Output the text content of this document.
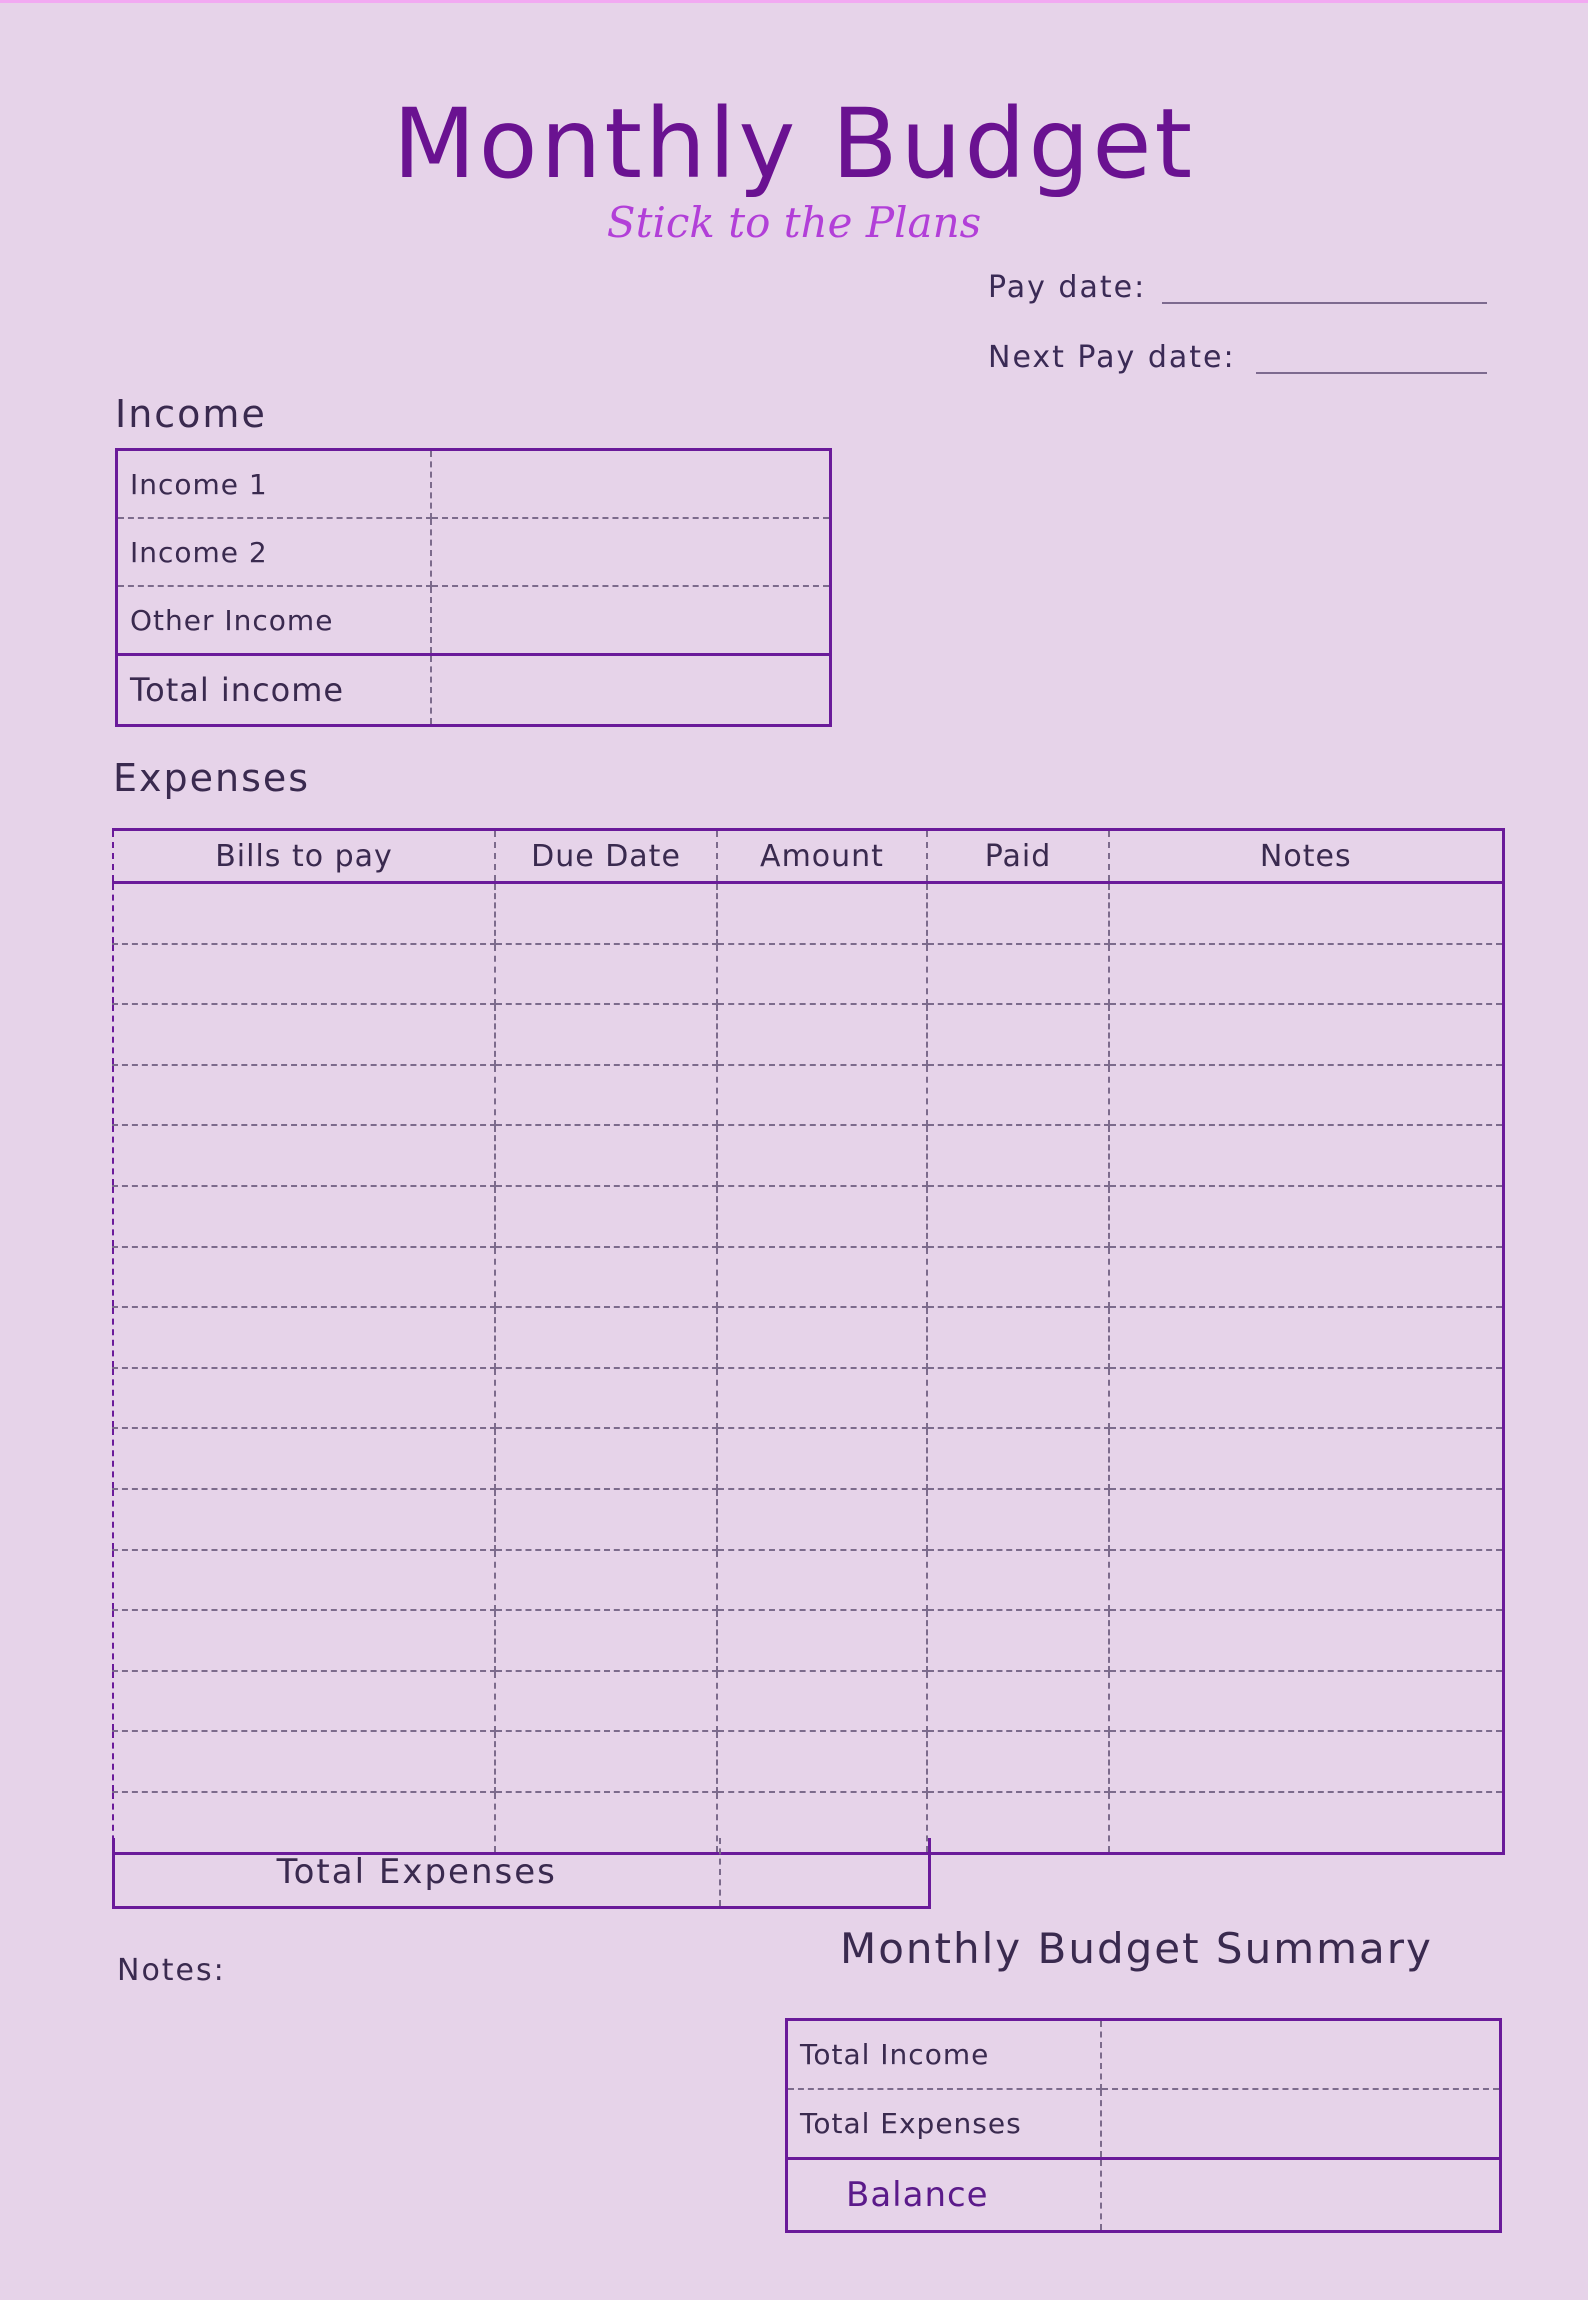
Monthly Budget
Stick to the Plans
Pay date:
Next Pay date:
Income
Income 1	
Income 2	
Other Income	
Total income	
Expenses
Bills to pay	Due Date	Amount	Paid	Notes

Total Expenses	
Notes:	Monthly Budget Summary
Total Income	
Total Expenses	
Balance	
